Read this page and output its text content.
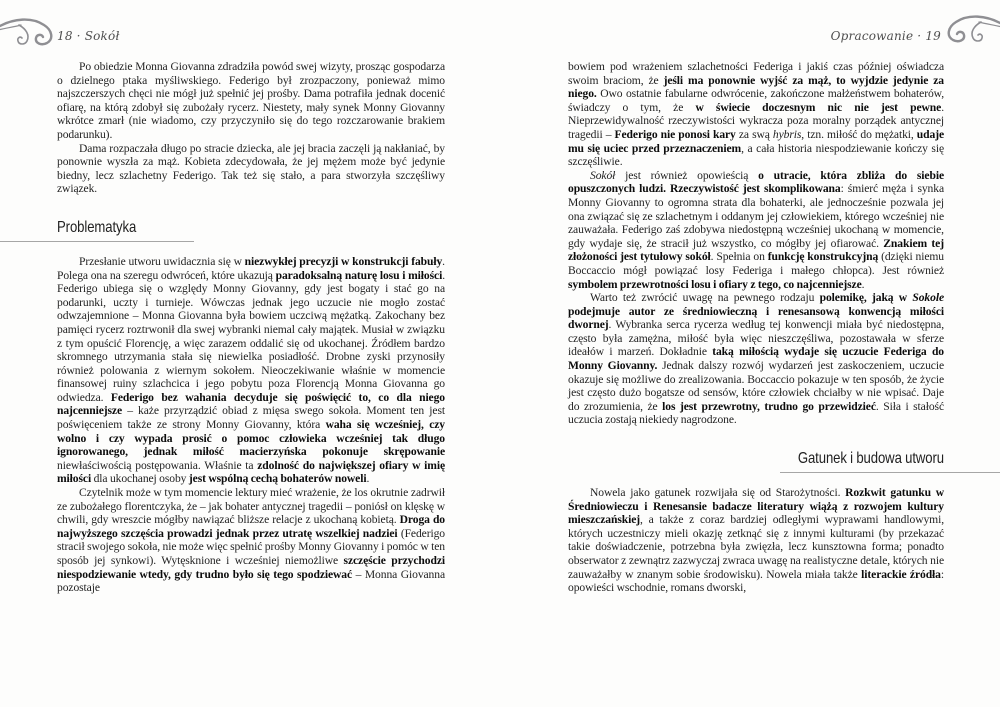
18 · Sokół	Opracowanie · 19

Po obiedzie Monna Giovanna zdradziła powód swej wizyty, prosząc gospodarza o dzielnego ptaka myśliwskiego. Federigo był zrozpaczony, ponieważ mimo najszczerszych chęci nie mógł już spełnić jej prośby. Dama potrafiła jednak docenić ofiarę, na którą zdobył się zubożały rycerz. Niestety, mały synek Monny Giovanny wkrótce zmarł (nie wiadomo, czy przyczyniło się do tego rozczarowanie brakiem podarunku).

Dama rozpaczała długo po stracie dziecka, ale jej bracia zaczęli ją nakłaniać, by ponownie wyszła za mąż. Kobieta zdecydowała, że jej mężem może być jedynie biedny, lecz szlachetny Federigo. Tak też się stało, a para stworzyła szczęśliwy związek.

Problematyka

Przesłanie utworu uwidacznia się w niezwykłej precyzji w konstrukcji fabuły. Polega ona na szeregu odwróceń, które ukazują paradoksalną naturę losu i miłości. Federigo ubiega się o względy Monny Giovanny, gdy jest bogaty i stać go na podarunki, uczty i turnieje. Wówczas jednak jego uczucie nie mogło zostać odwzajemnione – Monna Giovanna była bowiem uczciwą mężatką. Zakochany bez pamięci rycerz roztrwonił dla swej wybranki niemal cały majątek. Musiał w związku z tym opuścić Florencję, a więc zarazem oddalić się od ukochanej. Źródłem bardzo skromnego utrzymania stała się niewielka posiadłość. Drobne zyski przynosiły również polowania z wiernym sokołem. Nieoczekiwanie właśnie w momencie finansowej ruiny szlachcica i jego pobytu poza Florencją Monna Giovanna go odwiedza. Federigo bez wahania decyduje się poświęcić to, co dla niego najcenniejsze – każe przyrządzić obiad z mięsa swego sokoła. Moment ten jest poświęceniem także ze strony Monny Giovanny, która waha się wcześniej, czy wolno i czy wypada prosić o pomoc człowieka wcześniej tak długo ignorowanego, jednak miłość macierzyńska pokonuje skrępowanie niewłaściwością postępowania. Właśnie ta zdolność do największej ofiary w imię miłości dla ukochanej osoby jest wspólną cechą bohaterów noweli.

Czytelnik może w tym momencie lektury mieć wrażenie, że los okrutnie zadrwił ze zubożałego florentczyka, że – jak bohater antycznej tragedii – poniósł on klęskę w chwili, gdy wreszcie mógłby nawiązać bliższe relacje z ukochaną kobietą. Droga do najwyższego szczęścia prowadzi jednak przez utratę wszelkiej nadziei (Federigo stracił swojego sokoła, nie może więc spełnić prośby Monny Giovanny i pomóc w ten sposób jej synkowi). Wytęsknione i wcześniej niemożliwe szczęście przychodzi niespodziewanie wtedy, gdy trudno było się tego spodziewać – Monna Giovanna pozostaje

bowiem pod wrażeniem szlachetności Federiga i jakiś czas później oświadcza swoim braciom, że jeśli ma ponownie wyjść za mąż, to wyjdzie jedynie za niego. Owo ostatnie fabularne odwrócenie, zakończone małżeństwem bohaterów, świadczy o tym, że w świecie doczesnym nic nie jest pewne. Nieprzewidywalność rzeczywistości wykracza poza moralny porządek antycznej tragedii – Federigo nie ponosi kary za swą hybris, tzn. miłość do mężatki, udaje mu się uciec przed przeznaczeniem, a cała historia niespodziewanie kończy się szczęśliwie.

Sokół jest również opowieścią o utracie, która zbliża do siebie opuszczonych ludzi. Rzeczywistość jest skomplikowana: śmierć męża i synka Monny Giovanny to ogromna strata dla bohaterki, ale jednocześnie pozwala jej ona związać się ze szlachetnym i oddanym jej człowiekiem, którego wcześniej nie zauważała. Federigo zaś zdobywa niedostępną wcześniej ukochaną w momencie, gdy wydaje się, że stracił już wszystko, co mógłby jej ofiarować. Znakiem tej złożoności jest tytułowy sokół. Spełnia on funkcję konstrukcyjną (dzięki niemu Boccaccio mógł powiązać losy Federiga i małego chłopca). Jest również symbolem przewrotności losu i ofiary z tego, co najcenniejsze.

Warto też zwrócić uwagę na pewnego rodzaju polemikę, jaką w Sokole podejmuje autor ze średniowieczną i renesansową konwencją miłości dwornej. Wybranka serca rycerza według tej konwencji miała być niedostępna, często była zamężna, miłość była więc nieszczęśliwa, pozostawała w sferze ideałów i marzeń. Dokładnie taką miłością wydaje się uczucie Federiga do Monny Giovanny. Jednak dalszy rozwój wydarzeń jest zaskoczeniem, uczucie okazuje się możliwe do zrealizowania. Boccaccio pokazuje w ten sposób, że życie jest często dużo bogatsze od sensów, które człowiek chciałby w nie wpisać. Daje do zrozumienia, że los jest przewrotny, trudno go przewidzieć. Siła i stałość uczucia zostają niekiedy nagrodzone.

Gatunek i budowa utworu

Nowela jako gatunek rozwijała się od Starożytności. Rozkwit gatunku w Średniowieczu i Renesansie badacze literatury wiążą z rozwojem kultury mieszczańskiej, a także z coraz bardziej odległymi wyprawami handlowymi, których uczestniczy mieli okazję zetknąć się z innymi kulturami (by przekazać takie doświadczenie, potrzebna była zwięzła, lecz kunsztowna forma; ponadto obserwator z zewnątrz zazwyczaj zwraca uwagę na realistyczne detale, których nie zauważałby w znanym sobie środowisku). Nowela miała także literackie źródła: opowieści wschodnie, romans dworski,
